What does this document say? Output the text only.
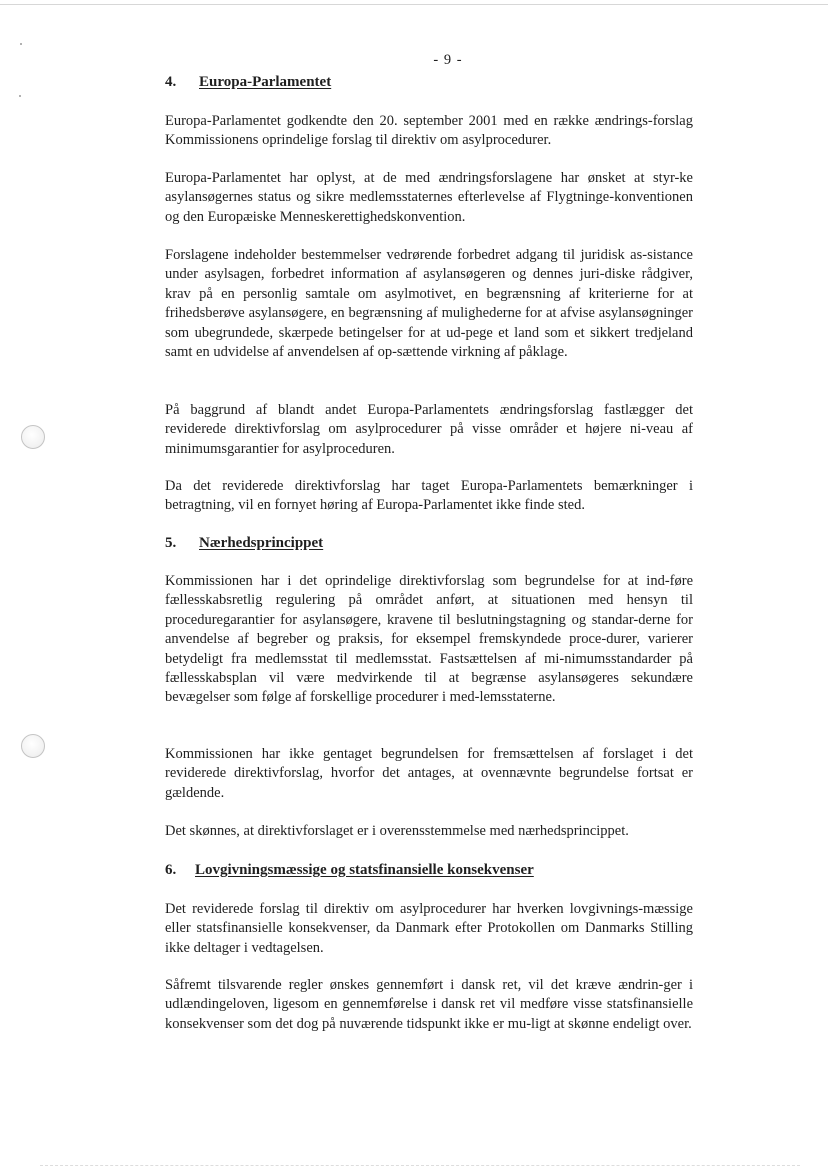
- 9 -
4. Europa-Parlamentet
Europa-Parlamentet godkendte den 20. september 2001 med en række ændrings-forslag Kommissionens oprindelige forslag til direktiv om asylprocedurer.
Europa-Parlamentet har oplyst, at de med ændringsforslagene har ønsket at styr-ke asylansøgernes status og sikre medlemsstaternes efterlevelse af Flygtninge-konventionen og den Europæiske Menneskerettighedskonvention.
Forslagene indeholder bestemmelser vedrørende forbedret adgang til juridisk as-sistance under asylsagen, forbedret information af asylansøgeren og dennes juri-diske rådgiver, krav på en personlig samtale om asylmotivet, en begrænsning af kriterierne for at frihedsberøve asylansøgere, en begrænsning af mulighederne for at afvise asylansøgninger som ubegrundede, skærpede betingelser for at ud-pege et land som et sikkert tredjeland samt en udvidelse af anvendelsen af op-sættende virkning af påklage.
På baggrund af blandt andet Europa-Parlamentets ændringsforslag fastlægger det reviderede direktivforslag om asylprocedurer på visse områder et højere ni-veau af minimumsgarantier for asylproceduren.
Da det reviderede direktivforslag har taget Europa-Parlamentets bemærkninger i betragtning, vil en fornyet høring af Europa-Parlamentet ikke finde sted.
5. Nærhedsprincippet
Kommissionen har i det oprindelige direktivforslag som begrundelse for at ind-føre fællesskabsretlig regulering på området anført, at situationen med hensyn til proceduregarantier for asylansøgere, kravene til beslutningstagning og standar-derne for anvendelse af begreber og praksis, for eksempel fremskyndede proce-durer, varierer betydeligt fra medlemsstat til medlemsstat. Fastsættelsen af mi-nimumsstandarder på fællesskabsplan vil være medvirkende til at begrænse asylansøgeres sekundære bevægelser som følge af forskellige procedurer i med-lemsstaterne.
Kommissionen har ikke gentaget begrundelsen for fremsættelsen af forslaget i det reviderede direktivforslag, hvorfor det antages, at ovennævnte begrundelse fortsat er gældende.
Det skønnes, at direktivforslaget er i overensstemmelse med nærhedsprincippet.
6. Lovgivningsmæssige og statsfinansielle konsekvenser
Det reviderede forslag til direktiv om asylprocedurer har hverken lovgivnings-mæssige eller statsfinansielle konsekvenser, da Danmark efter Protokollen om Danmarks Stilling ikke deltager i vedtagelsen.
Såfremt tilsvarende regler ønskes gennemført i dansk ret, vil det kræve ændrin-ger i udlændingeloven, ligesom en gennemførelse i dansk ret vil medføre visse statsfinansielle konsekvenser som det dog på nuværende tidspunkt ikke er mu-ligt at skønne endeligt over.
